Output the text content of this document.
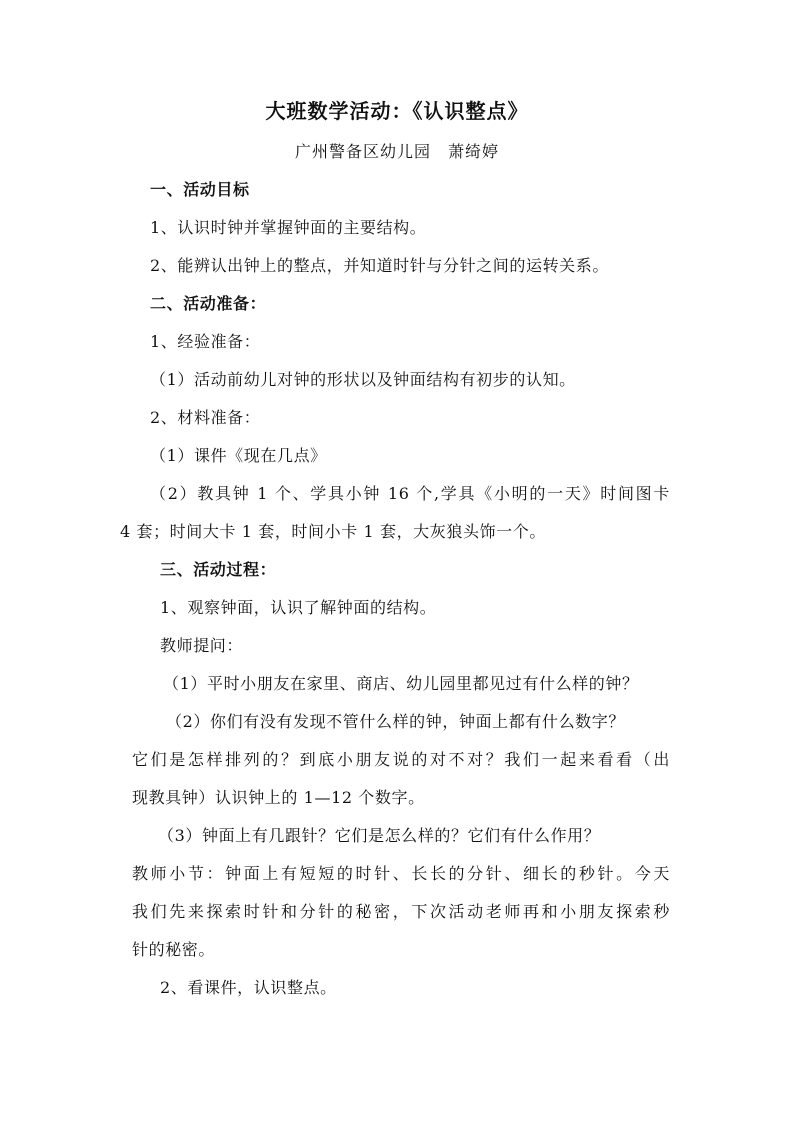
大班数学活动：《认识整点》
广州警备区幼儿园　萧绮婷
一、活动目标
1、认识时钟并掌握钟面的主要结构。
2、能辨认出钟上的整点，并知道时针与分针之间的运转关系。
二、活动准备：
1、经验准备：
（1）活动前幼儿对钟的形状以及钟面结构有初步的认知。
2、材料准备：
（1）课件《现在几点》
（2）教具钟 1 个、学具小钟 16 个,学具《小明的一天》时间图卡
4 套；时间大卡 1 套，时间小卡 1 套，大灰狼头饰一个。
三、活动过程：
1、观察钟面，认识了解钟面的结构。
教师提问：
（1）平时小朋友在家里、商店、幼儿园里都见过有什么样的钟？
（2）你们有没有发现不管什么样的钟，钟面上都有什么数字？
它们是怎样排列的？到底小朋友说的对不对？我们一起来看看（出
现教具钟）认识钟上的 1—12 个数字。
（3）钟面上有几跟针？它们是怎么样的？它们有什么作用？
教师小节：钟面上有短短的时针、长长的分针、细长的秒针。今天
我们先来探索时针和分针的秘密，下次活动老师再和小朋友探索秒
针的秘密。
2、看课件，认识整点。
